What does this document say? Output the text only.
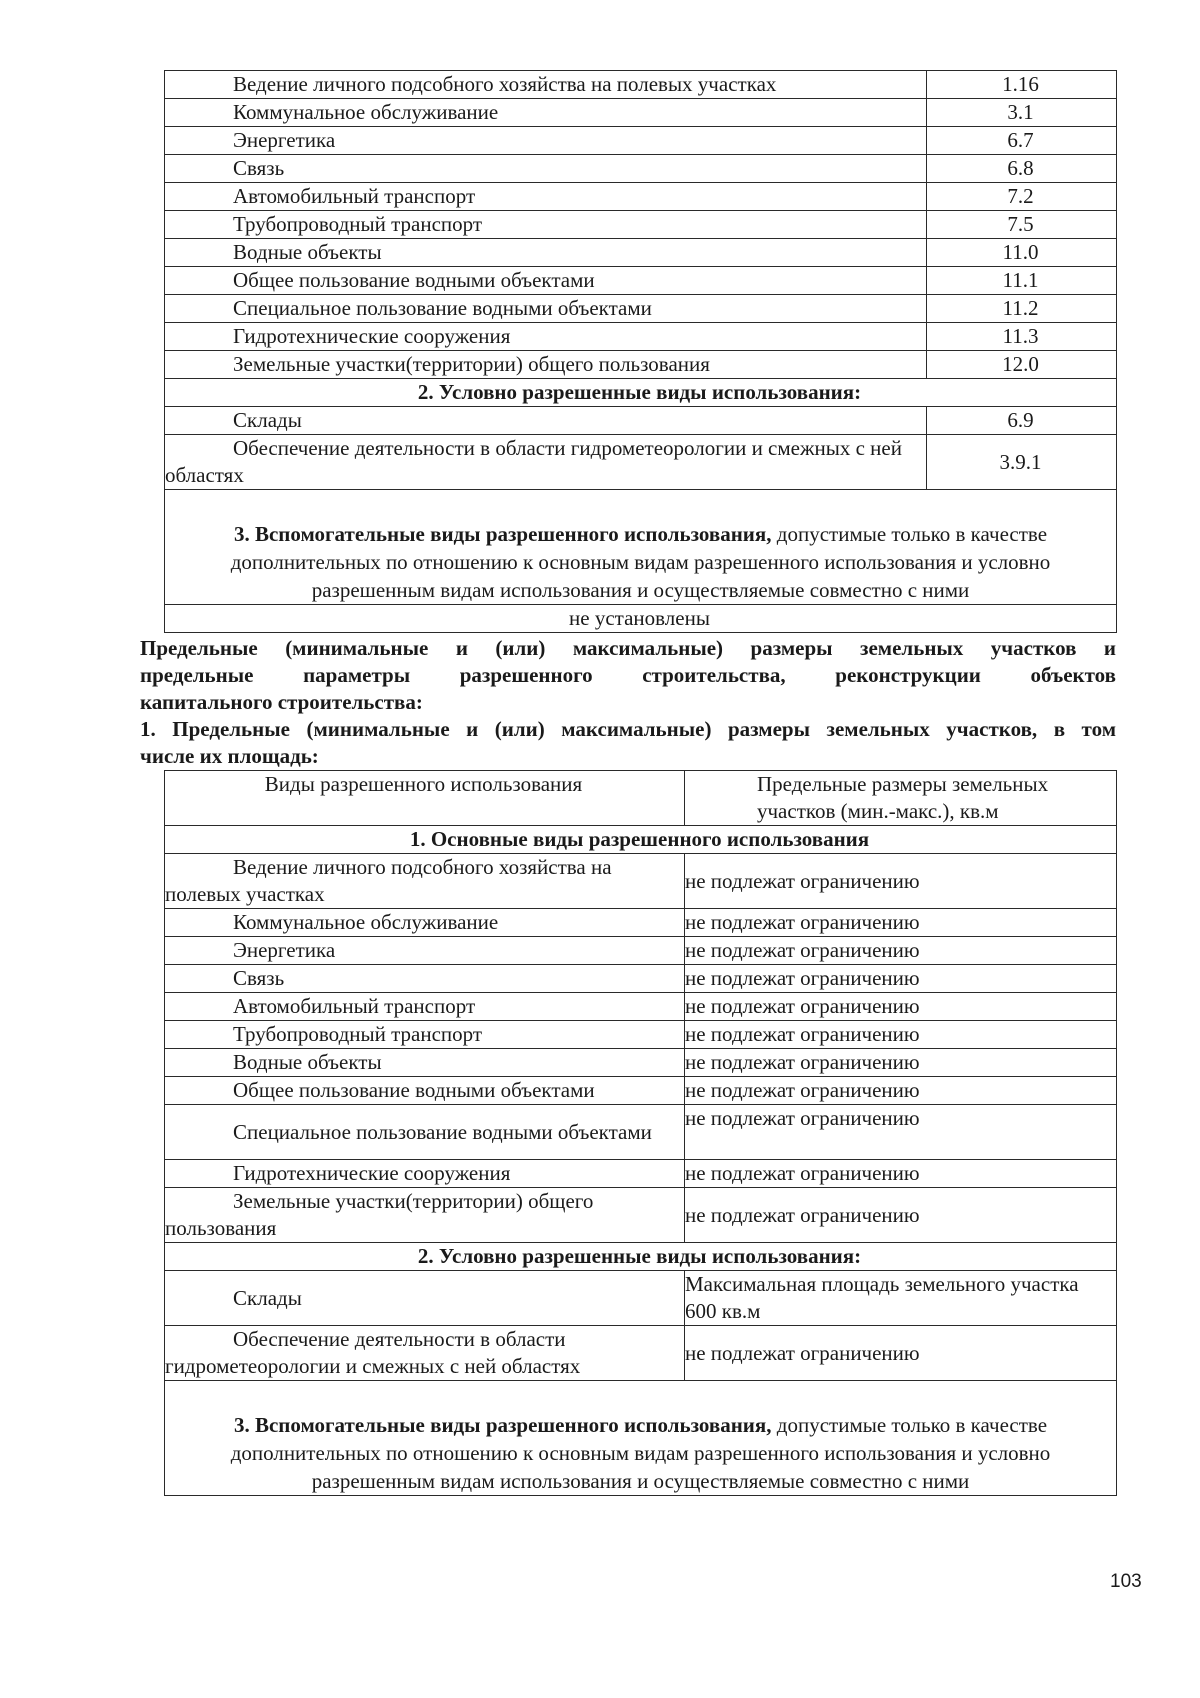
Ведение личного подсобного хозяйства на полевых участках	1.16
Коммунальное обслуживание	3.1
Энергетика	6.7
Связь	6.8
Автомобильный транспорт	7.2
Трубопроводный транспорт	7.5
Водные объекты	11.0
Общее пользование водными объектами	11.1
Специальное пользование водными объектами	11.2
Гидротехнические сооружения	11.3
Земельные участки(территории) общего пользования	12.0
2. Условно разрешенные виды использования:	
Склады	6.9
Обеспечение деятельности в области гидрометеорологии и смежных с ней областях	3.9.1
3. Вспомогательные виды разрешенного использования, допустимые только в качестве дополнительных по отношению к основным видам разрешенного использования и условно разрешенным видам использования и осуществляемые совместно с ними	
не установлены	

Предельные (минимальные и (или) максимальные) размеры земельных участков и

предельные параметры разрешенного строительства, реконструкции объектов

капитального строительства:

1. Предельные (минимальные и (или) максимальные) размеры земельных участков, в том

числе их площадь:

Виды разрешенного использования	Предельные размеры земельных участков (мин.-макс.), кв.м
1. Основные виды разрешенного использования	
Ведение личного подсобного хозяйства на полевых участках	не подлежат ограничению
Коммунальное обслуживание	не подлежат ограничению
Энергетика	не подлежат ограничению
Связь	не подлежат ограничению
Автомобильный транспорт	не подлежат ограничению
Трубопроводный транспорт	не подлежат ограничению
Водные объекты	не подлежат ограничению
Общее пользование водными объектами	не подлежат ограничению
Специальное пользование водными объектами	не подлежат ограничению
Гидротехнические сооружения	не подлежат ограничению
Земельные участки(территории) общего пользования	не подлежат ограничению
2. Условно разрешенные виды использования:	
Склады	Максимальная площадь земельного участка 600 кв.м
Обеспечение деятельности в области гидрометеорологии и смежных с ней областях	не подлежат ограничению
3. Вспомогательные виды разрешенного использования, допустимые только в качестве дополнительных по отношению к основным видам разрешенного использования и условно разрешенным видам использования и осуществляемые совместно с ними	
103
